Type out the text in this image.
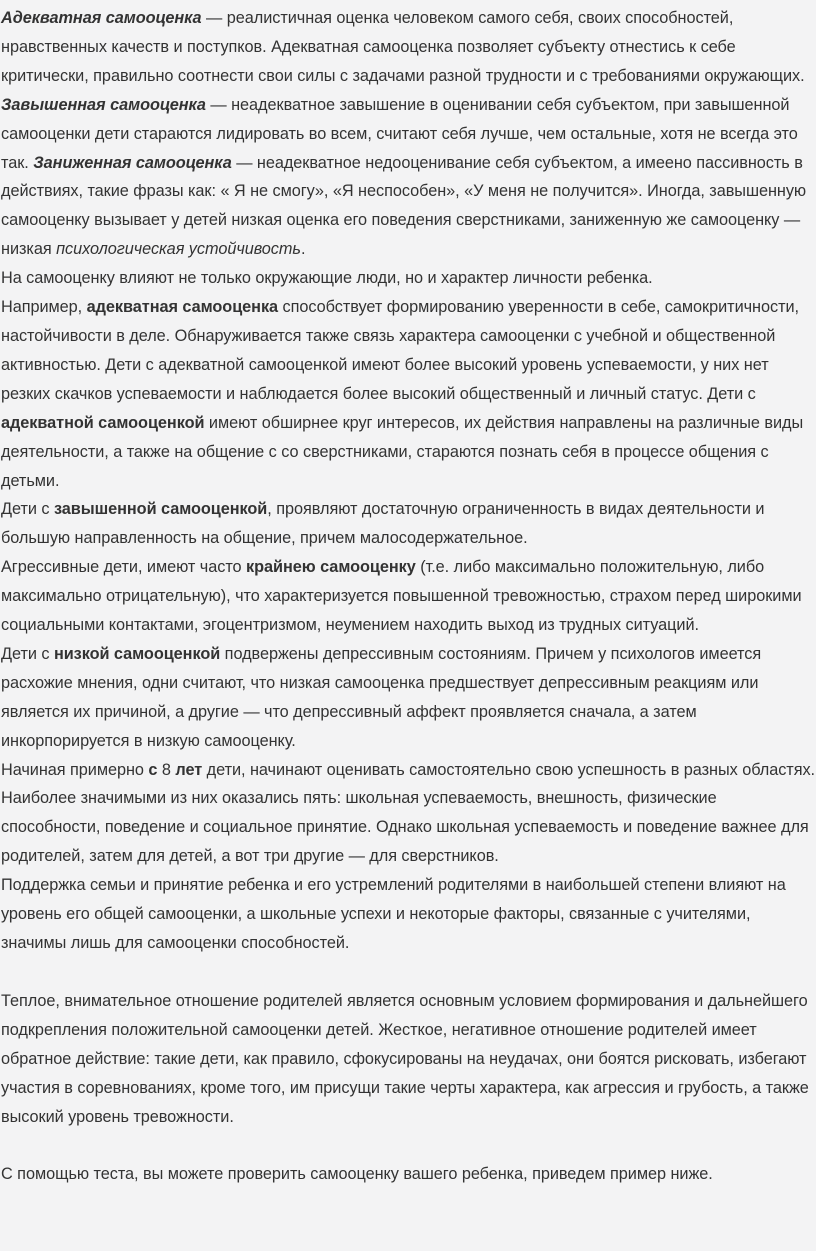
Адекватная самооценка — реалистичная оценка человеком самого себя, своих способностей, нравственных качеств и поступков. Адекватная самооценка позволяет субъекту отнестись к себе критически, правильно соотнести свои силы с задачами разной трудности и с требованиями окружающих.

Завышенная самооценка — неадекватное завышение в оценивании себя субъектом, при завышенной самооценки дети стараются лидировать во всем, считают себя лучше, чем остальные, хотя не всегда это так. Заниженная самооценка — неадекватное недооценивание себя субъектом, а имеено пассивность в действиях, такие фразы как: « Я не смогу», «Я неспособен», «У меня не получится». Иногда, завышенную самооценку вызывает у детей низкая оценка его поведения сверстниками, заниженную же самооценку — низкая психологическая устойчивость.

На самооценку влияют не только окружающие люди, но и характер личности ребенка.

Например, адекватная самооценка способствует формированию уверенности в себе, самокритичности, настойчивости в деле. Обнаруживается также связь характера самооценки с учебной и общественной активностью. Дети с адекватной самооценкой имеют более высокий уровень успеваемости, у них нет резких скачков успеваемости и наблюдается более высокий общественный и личный статус. Дети с адекватной самооценкой имеют обширнее круг интересов, их действия направлены на различные виды деятельности, а также на общение с со сверстниками, стараются познать себя в процессе общения с детьми.

Дети с завышенной самооценкой, проявляют достаточную ограниченность в видах деятельности и большую направленность на общение, причем малосодержательное.

Агрессивные дети, имеют часто крайнею самооценку (т.е. либо максимально положительную, либо максимально отрицательную), что характеризуется повышенной тревожностью, страхом перед широкими социальными контактами, эгоцентризмом, неумением находить выход из трудных ситуаций.

Дети с низкой самооценкой подвержены депрессивным состояниям. Причем у психологов имеется расхожие мнения, одни считают, что низкая самооценка предшествует депрессивным реакциям или является их причиной, а другие — что депрессивный аффект проявляется сначала, а затем инкорпорируется в низкую самооценку.

Начиная примерно с 8 лет дети, начинают оценивать самостоятельно свою успешность в разных областях. Наиболее значимыми из них оказались пять: школьная успеваемость, внешность, физические способности, поведение и социальное принятие. Однако школьная успеваемость и поведение важнее для родителей, затем для детей, а вот три другие — для сверстников.

Поддержка семьи и принятие ребенка и его устремлений родителями в наибольшей степени влияют на уровень его общей самооценки, а школьные успехи и некоторые факторы, связанные с учителями, значимы лишь для самооценки способностей.

Теплое, внимательное отношение родителей является основным условием формирования и дальнейшего подкрепления положительной самооценки детей. Жесткое, негативное отношение родителей имеет обратное действие: такие дети, как правило, сфокусированы на неудачах, они боятся рисковать, избегают участия в соревнованиях, кроме того, им присущи такие черты характера, как агрессия и грубость, а также высокий уровень тревожности.

С помощью теста, вы можете проверить самооценку вашего ребенка, приведем пример ниже.
